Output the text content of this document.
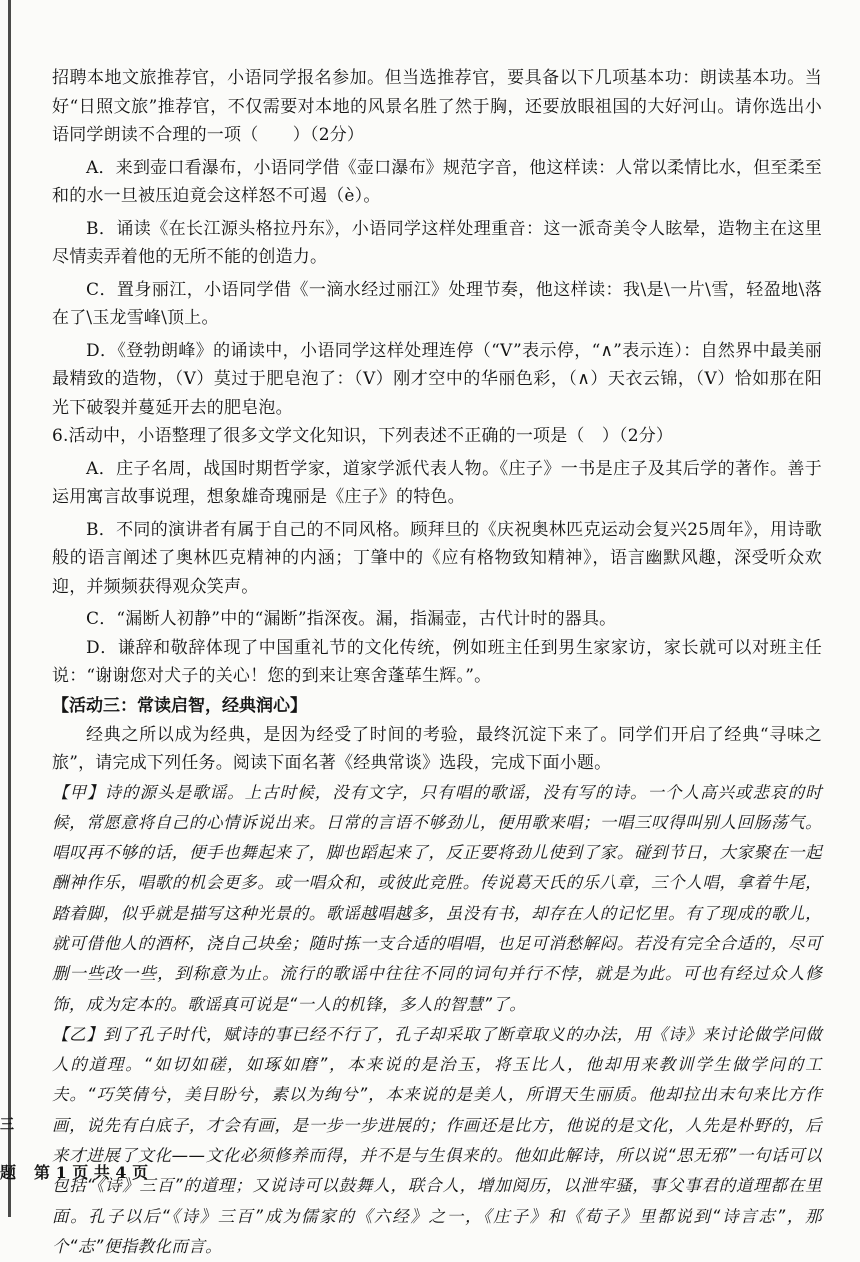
招聘本地文旅推荐官，小语同学报名参加。但当选推荐官，要具备以下几项基本功：朗读基本功。当好“日照文旅”推荐官，不仅需要对本地的风景名胜了然于胸，还要放眼祖国的大好河山。请你选出小语同学朗读不合理的一项（　　）（2分）

A．来到壶口看瀑布，小语同学借《壶口瀑布》规范字音，他这样读：人常以柔情比水，但至柔至和的水一旦被压迫竟会这样怒不可遏（è）。

B．诵读《在长江源头格拉丹东》，小语同学这样处理重音：这一派奇美令人眩晕，造物主在这里尽情卖弄着他的无所不能的创造力。

C．置身丽江，小语同学借《一滴水经过丽江》处理节奏，他这样读：我\是\一片\雪，轻盈地\落在了\玉龙雪峰\顶上。

D．《登勃朗峰》的诵读中，小语同学这样处理连停（“V”表示停，“∧”表示连）：自然界中最美丽最精致的造物，（V）莫过于肥皂泡了：（V）刚才空中的华丽色彩，（∧）天衣云锦，（V）恰如那在阳光下破裂并蔓延开去的肥皂泡。

6.活动中，小语整理了很多文学文化知识，下列表述不正确的一项是（　）（2分）

A．庄子名周，战国时期哲学家，道家学派代表人物。《庄子》一书是庄子及其后学的著作。善于运用寓言故事说理，想象雄奇瑰丽是《庄子》的特色。

B．不同的演讲者有属于自己的不同风格。顾拜旦的《庆祝奥林匹克运动会复兴25周年》，用诗歌般的语言阐述了奥林匹克精神的内涵；丁肇中的《应有格物致知精神》，语言幽默风趣，深受听众欢迎，并频频获得观众笑声。

C．“漏断人初静”中的“漏断”指深夜。漏，指漏壶，古代计时的器具。

D．谦辞和敬辞体现了中国重礼节的文化传统，例如班主任到男生家家访，家长就可以对班主任说：“谢谢您对犬子的关心！您的到来让寒舍蓬荜生辉。”。

【活动三：常读启智，经典润心】

经典之所以成为经典，是因为经受了时间的考验，最终沉淀下来了。同学们开启了经典“寻味之旅”，请完成下列任务。阅读下面名著《经典常谈》选段，完成下面小题。

【甲】诗的源头是歌谣。上古时候，没有文字，只有唱的歌谣，没有写的诗。一个人高兴或悲哀的时候，常愿意将自己的心情诉说出来。日常的言语不够劲儿，便用歌来唱；一唱三叹得叫别人回肠荡气。唱叹再不够的话，便手也舞起来了，脚也蹈起来了，反正要将劲儿使到了家。碰到节日，大家聚在一起酬神作乐，唱歌的机会更多。或一唱众和，或彼此竞胜。传说葛天氏的乐八章，三个人唱，拿着牛尾，踏着脚，似乎就是描写这种光景的。歌谣越唱越多，虽没有书，却存在人的记忆里。有了现成的歌儿，就可借他人的酒杯，浇自己块垒；随时拣一支合适的唱唱，也足可消愁解闷。若没有完全合适的，尽可删一些改一些，到称意为止。流行的歌谣中往往不同的词句并行不悖，就是为此。可也有经过众人修饰，成为定本的。歌谣真可说是“一人的机锋，多人的智慧”了。

【乙】到了孔子时代，赋诗的事已经不行了，孔子却采取了断章取义的办法，用《诗》来讨论做学问做人的道理。“如切如磋，如琢如磨”，本来说的是治玉，将玉比人，他却用来教训学生做学问的工夫。“巧笑倩兮，美目盼兮，素以为绚兮”，本来说的是美人，所谓天生丽质。他却拉出末句来比方作画，说先有白底子，才会有画，是一步一步进展的；作画还是比方，他说的是文化，人先是朴野的，后来才进展了文化——文化必须修养而得，并不是与生俱来的。他如此解诗，所以说“思无邪”一句话可以包括“《诗》三百”的道理；又说诗可以鼓舞人，联合人，增加阅历，以泄牢骚，事父事君的道理都在里面。孔子以后“《诗》三百”成为儒家的《六经》之一，《庄子》和《荀子》里都说到“诗言志”，那个“志”便指教化而言。

三
题 第 1 页 共 4 页
